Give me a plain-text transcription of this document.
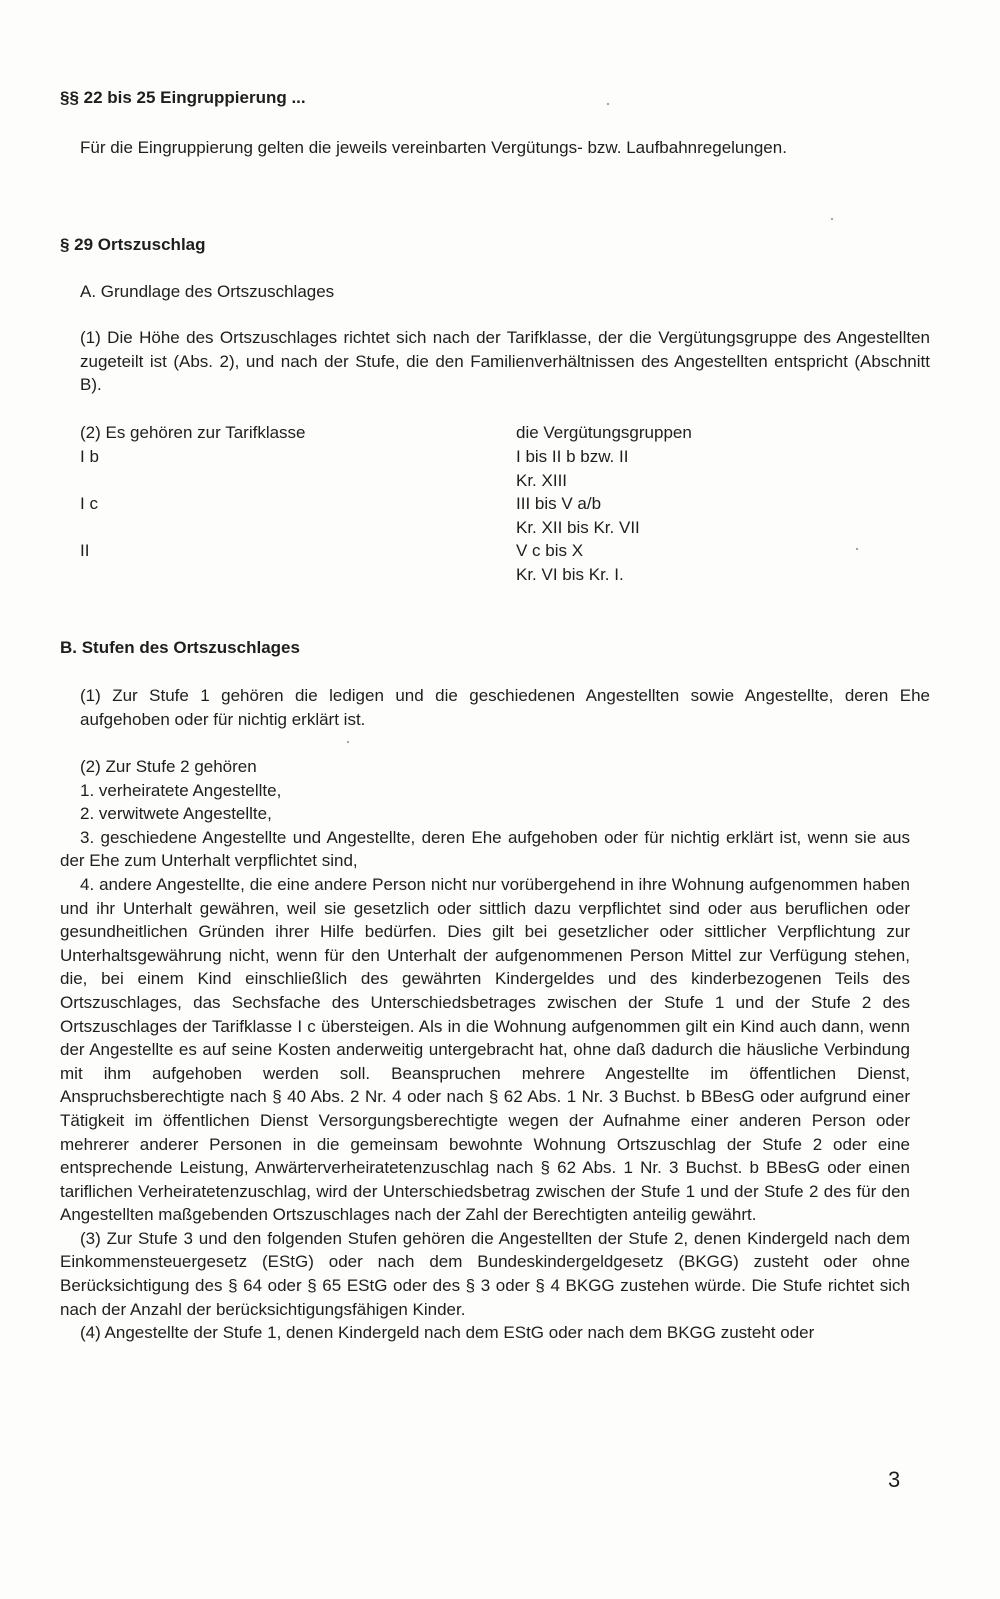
§§ 22 bis 25 Eingruppierung ...

Für die Eingruppierung gelten die jeweils vereinbarten Vergütungs- bzw. Laufbahnregelungen.

§ 29 Ortszuschlag
A. Grundlage des Ortszuschlages

(1) Die Höhe des Ortszuschlages richtet sich nach der Tarifklasse, der die Vergütungsgruppe des Angestellten zugeteilt ist (Abs. 2), und nach der Stufe, die den Familienverhältnissen des Angestellten entspricht (Abschnitt B).

(2) Es gehören zur Tarifklasse	die Vergütungsgruppen
I b	I bis II b bzw. II
Kr. XIII
I c	III bis V a/b
Kr. XII bis Kr. VII
II	V c bis X
Kr. VI bis Kr. I.
B. Stufen des Ortszuschlages

(1) Zur Stufe 1 gehören die ledigen und die geschiedenen Angestellten sowie Angestellte, deren Ehe aufgehoben oder für nichtig erklärt ist.

(2) Zur Stufe 2 gehören

1. verheiratete Angestellte,

2. verwitwete Angestellte,

3. geschiedene Angestellte und Angestellte, deren Ehe aufgehoben oder für nichtig erklärt ist, wenn sie aus der Ehe zum Unterhalt verpflichtet sind,

4. andere Angestellte, die eine andere Person nicht nur vorübergehend in ihre Wohnung aufgenommen haben und ihr Unterhalt gewähren, weil sie gesetzlich oder sittlich dazu verpflichtet sind oder aus beruflichen oder gesundheitlichen Gründen ihrer Hilfe bedürfen. Dies gilt bei gesetzlicher oder sittlicher Verpflichtung zur Unterhaltsgewährung nicht, wenn für den Unterhalt der aufgenommenen Person Mittel zur Verfügung stehen, die, bei einem Kind einschließlich des gewährten Kindergeldes und des kinderbezogenen Teils des Ortszuschlages, das Sechsfache des Unterschiedsbetrages zwischen der Stufe 1 und der Stufe 2 des Ortszuschlages der Tarifklasse I c übersteigen. Als in die Wohnung aufgenommen gilt ein Kind auch dann, wenn der Angestellte es auf seine Kosten anderweitig untergebracht hat, ohne daß dadurch die häusliche Verbindung mit ihm aufgehoben werden soll. Beanspruchen mehrere Angestellte im öffentlichen Dienst, Anspruchsberechtigte nach § 40 Abs. 2 Nr. 4 oder nach § 62 Abs. 1 Nr. 3 Buchst. b BBesG oder aufgrund einer Tätigkeit im öffentlichen Dienst Versorgungsberechtigte wegen der Aufnahme einer anderen Person oder mehrerer anderer Personen in die gemeinsam bewohnte Wohnung Ortszuschlag der Stufe 2 oder eine entsprechende Leistung, Anwärterverheiratetenzuschlag nach § 62 Abs. 1 Nr. 3 Buchst. b BBesG oder einen tariflichen Verheiratetenzuschlag, wird der Unterschiedsbetrag zwischen der Stufe 1 und der Stufe 2 des für den Angestellten maßgebenden Ortszuschlages nach der Zahl der Berechtigten anteilig gewährt.

(3) Zur Stufe 3 und den folgenden Stufen gehören die Angestellten der Stufe 2, denen Kindergeld nach dem Einkommensteuergesetz (EStG) oder nach dem Bundeskindergeldgesetz (BKGG) zusteht oder ohne Berücksichtigung des § 64 oder § 65 EStG oder des § 3 oder § 4 BKGG zustehen würde. Die Stufe richtet sich nach der Anzahl der berücksichtigungsfähigen Kinder.

(4) Angestellte der Stufe 1, denen Kindergeld nach dem EStG oder nach dem BKGG zusteht oder

3
